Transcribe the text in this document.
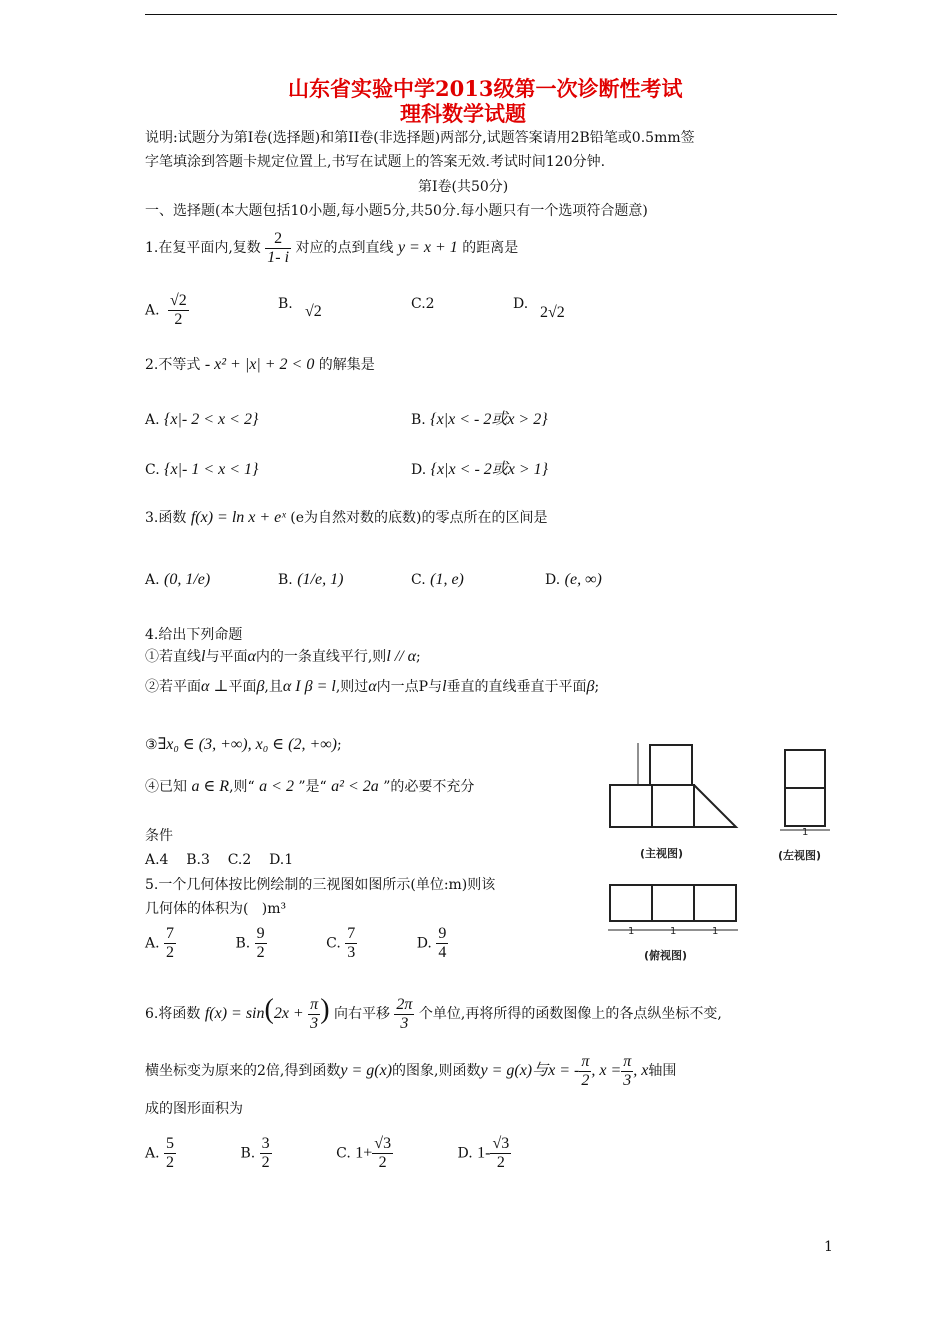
山东省实验中学2013级第一次诊断性考试
理科数学试题
说明:试题分为第I卷(选择题)和第II卷(非选择题)两部分,试题答案请用2B铅笔或0.5mm签
字笔填涂到答题卡规定位置上,书写在试题上的答案无效.考试时间120分钟.
第I卷(共50分)
一、选择题(本大题包括10小题,每小题5分,共50分.每小题只有一个选项符合题意)
1.在复平面内,复数 $\frac{2}{1- i}$ 对应的点到直线 y = x + 1 的距离是
A. $\frac{√2}{2}$	B. √2	C.2	D. 2√2
2.不等式 - x² + |x| + 2 < 0 的解集是
A. {x|- 2 < x < 2}	B. {x|x < - 2或x > 2}
C. {x|- 1 < x < 1}	D. {x|x < - 2或x > 1}
3.函数 f(x) = ln x + eˣ (e为自然对数的底数)的零点所在的区间是
A. (0, 1/e)	B. (1/e, 1)	C. (1, e)	D. (e, ∞)
4.给出下列命题
①若直线l与平面α内的一条直线平行,则l // α;
②若平面α ⊥平面β,且α I β = l,则过α内一点P与l垂直的直线垂直于平面β;
③∃x₀ ∈ (3, +∞), x₀ ∈ (2, +∞);
④已知 a ∈ R,则“ a < 2 ”是“ a² < 2a ”的必要不充分
条件
A.4    B.3    C.2    D.1
5.一个几何体按比例绘制的三视图如图所示(单位:m)则该
几何体的体积为(   )m³
A. $\frac{7}{2}$	B. $\frac{9}{2}$	C. $\frac{7}{3}$	D. $\frac{9}{4}$
(主视图)	(左视图)
(俯视图)
1
1	1	1
6.将函数 $f(x) = \sin(2x + \frac{\pi}{3}$ ) 向右平移 $\frac{2\pi}{3}$ 个单位,再将所得的函数图像上的各点纵坐标不变,
横坐标变为原来的2倍,得到函数y = g(x)的图象,则函数y = g(x)与x = - $\frac{\pi}{2}$ , $x = \frac{\pi}{3}$ , x轴围
成的图形面积为
A. $\frac{5}{2}$	B. $\frac{3}{2}$	C. $1+ \frac{√3}{2}$	D. $1- \frac{√3}{2}$
1
